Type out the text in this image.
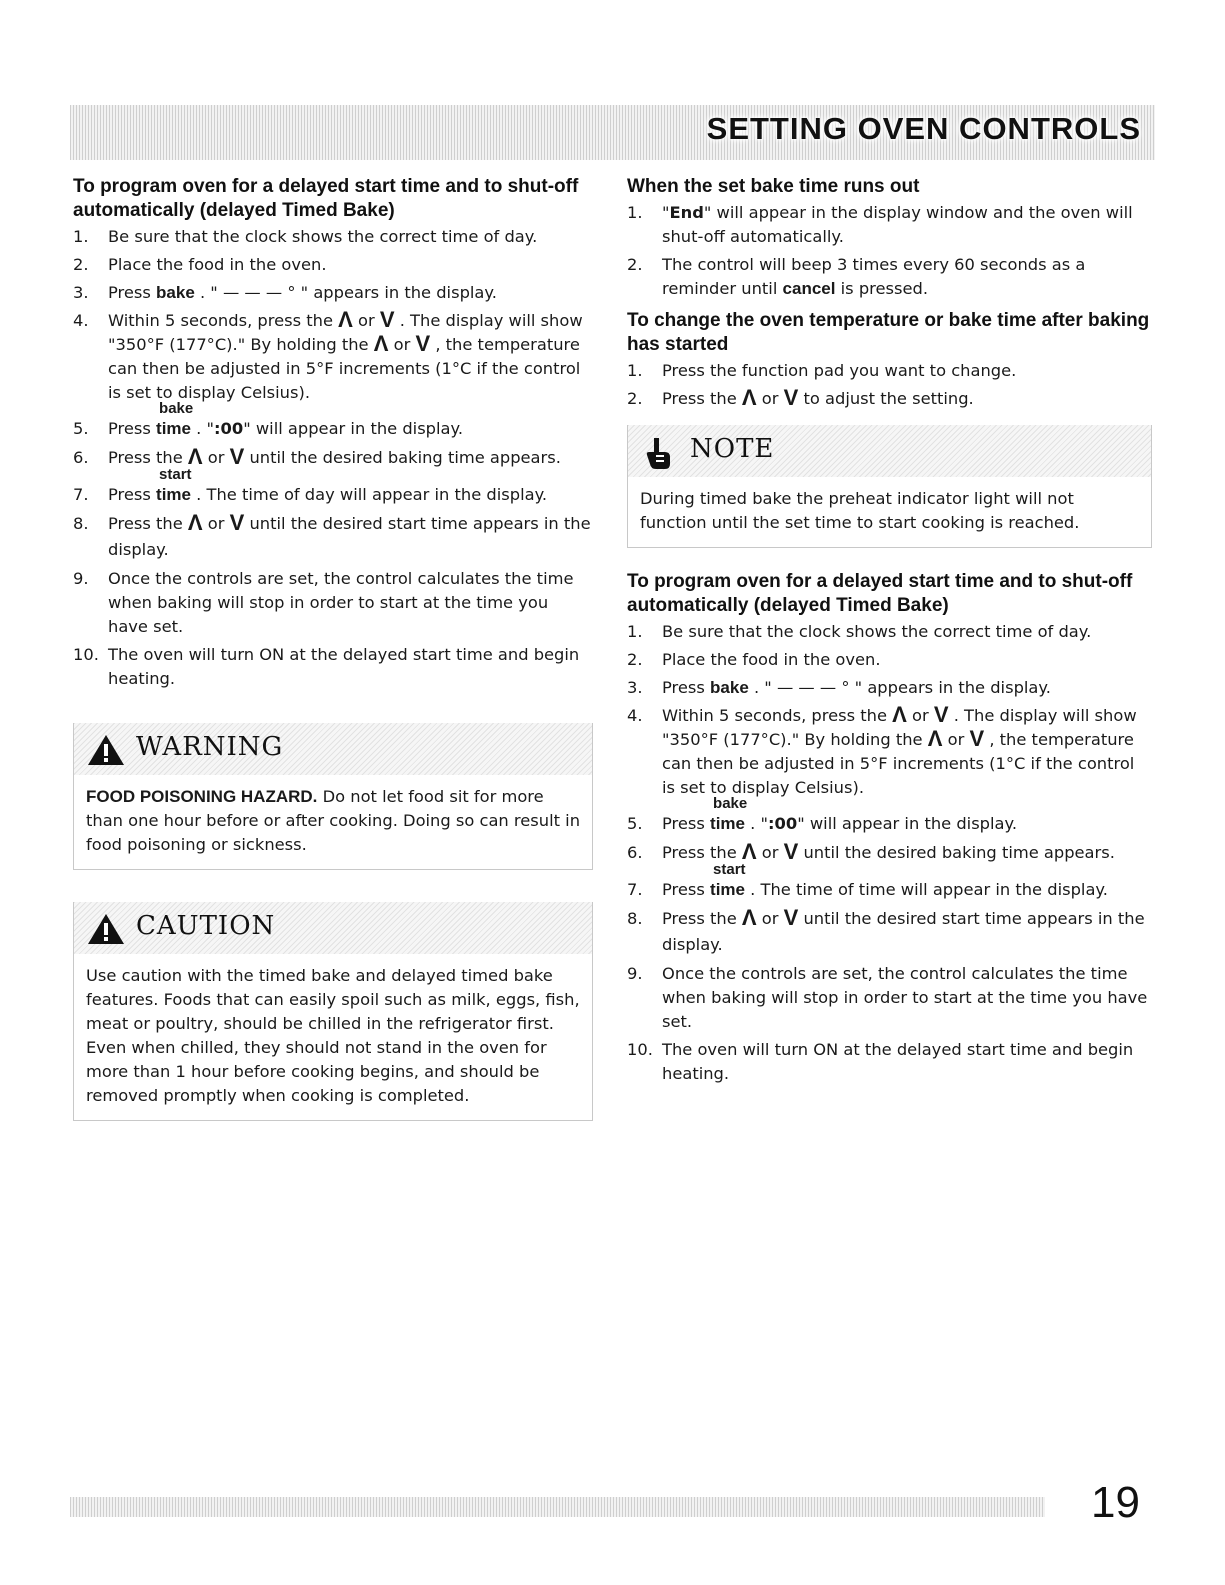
SETTING OVEN CONTROLS
To program oven for a delayed start time and to shut-off automatically (delayed Timed Bake)
1.	Be sure that the clock shows the correct time of day.
2.	Place the food in the oven.
3.	Press bake . " — — — ° " appears in the display.
4.	Within 5 seconds, press the Λ or V . The display will show "350°F (177°C)." By holding the Λ or V , the temperature can then be adjusted in 5°F increments (1°C if the control is set to display Celsius).
5.	Press
bake
time . ":00" will appear in the display.
6.	Press the Λ or V until the desired baking time appears.
7.	Press
start
time . The time of day will appear in the display.
8.	Press the Λ or V until the desired start time appears in the display.
9.	Once the controls are set, the control calculates the time when baking will stop in order to start at the time you have set.
10. The oven will turn ON at the delayed start time and begin heating.
WARNING
FOOD POISONING HAZARD. Do not let food sit for more than one hour before or after cooking. Doing so can result in food poisoning or sickness.
CAUTION
Use caution with the timed bake and delayed timed bake features. Foods that can easily spoil such as milk, eggs, fish, meat or poultry, should be chilled in the refrigerator first. Even when chilled, they should not stand in the oven for more than 1 hour before cooking begins, and should be removed promptly when cooking is completed.
When the set bake time runs out
1.	"End" will appear in the display window and the oven will shut-off automatically.
2.	The control will beep 3 times every 60 seconds as a reminder until cancel is pressed.
To change the oven temperature or bake time after baking has started
1.	Press the function pad you want to change.
2.	Press the Λ or V to adjust the setting.
NOTE
During timed bake the preheat indicator light will not function until the set time to start cooking is reached.
To program oven for a delayed start time and to shut-off automatically (delayed Timed Bake)
1.	Be sure that the clock shows the correct time of day.
2.	Place the food in the oven.
3.	Press bake . " — — — ° " appears in the display.
4.	Within 5 seconds, press the Λ or V . The display will show "350°F (177°C)." By holding the Λ or V , the temperature can then be adjusted in 5°F increments (1°C if the control is set to display Celsius).
5.	Press
bake
time . ":00" will appear in the display.
6.	Press the Λ or V until the desired baking time appears.
7.	Press
start
time . The time of time will appear in the display.
8.	Press the Λ or V until the desired start time appears in the display.
9.	Once the controls are set, the control calculates the time when baking will stop in order to start at the time you have set.
10. The oven will turn ON at the delayed start time and begin heating.
19
